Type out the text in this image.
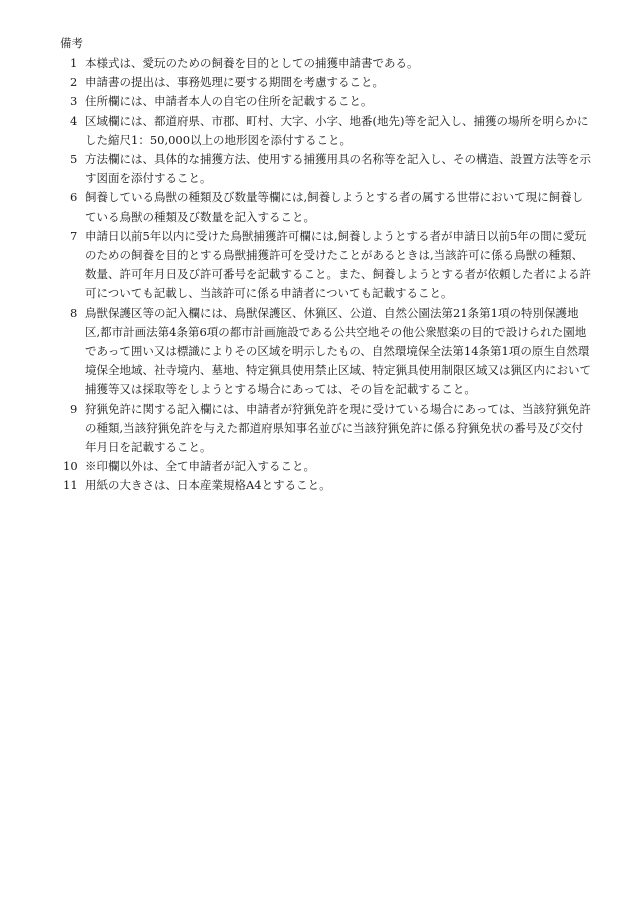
備考
1 本様式は、愛玩のための飼養を目的としての捕獲申請書である。
2 申請書の提出は、事務処理に要する期間を考慮すること。
3 住所欄には、申請者本人の自宅の住所を記載すること。
4 区域欄には、都道府県、市郡、町村、大字、小字、地番(地先)等を記入し、捕獲の場所を明らかにした縮尺1：50,000以上の地形図を添付すること。
5 方法欄には、具体的な捕獲方法、使用する捕獲用具の名称等を記入し、その構造、設置方法等を示す図面を添付すること。
6 飼養している鳥獣の種類及び数量等欄には,飼養しようとする者の属する世帯において現に飼養している鳥獣の種類及び数量を記入すること。
7 申請日以前5年以内に受けた鳥獣捕獲許可欄には,飼養しようとする者が申請日以前5年の間に愛玩のための飼養を目的とする鳥獣捕獲許可を受けたことがあるときは,当該許可に係る鳥獣の種類、数量、許可年月日及び許可番号を記載すること。また、飼養しようとする者が依頼した者による許可についても記載し、当該許可に係る申請者についても記載すること。
8 鳥獣保護区等の記入欄には、鳥獣保護区、休猟区、公道、自然公園法第21条第1項の特別保護地区,都市計画法第4条第6項の都市計画施設である公共空地その他公衆慰楽の目的で設けられた園地であって囲い又は標識によりその区域を明示したもの、自然環境保全法第14条第1項の原生自然環境保全地域、社寺境内、墓地、特定猟具使用禁止区域、特定猟具使用制限区域又は猟区内において捕獲等又は採取等をしようとする場合にあっては、その旨を記載すること。
9 狩猟免許に関する記入欄には、申請者が狩猟免許を現に受けている場合にあっては、当該狩猟免許の種類,当該狩猟免許を与えた都道府県知事名並びに当該狩猟免許に係る狩猟免状の番号及び交付年月日を記載すること。
10 ※印欄以外は、全て申請者が記入すること。
11 用紙の大きさは、日本産業規格A4とすること。
